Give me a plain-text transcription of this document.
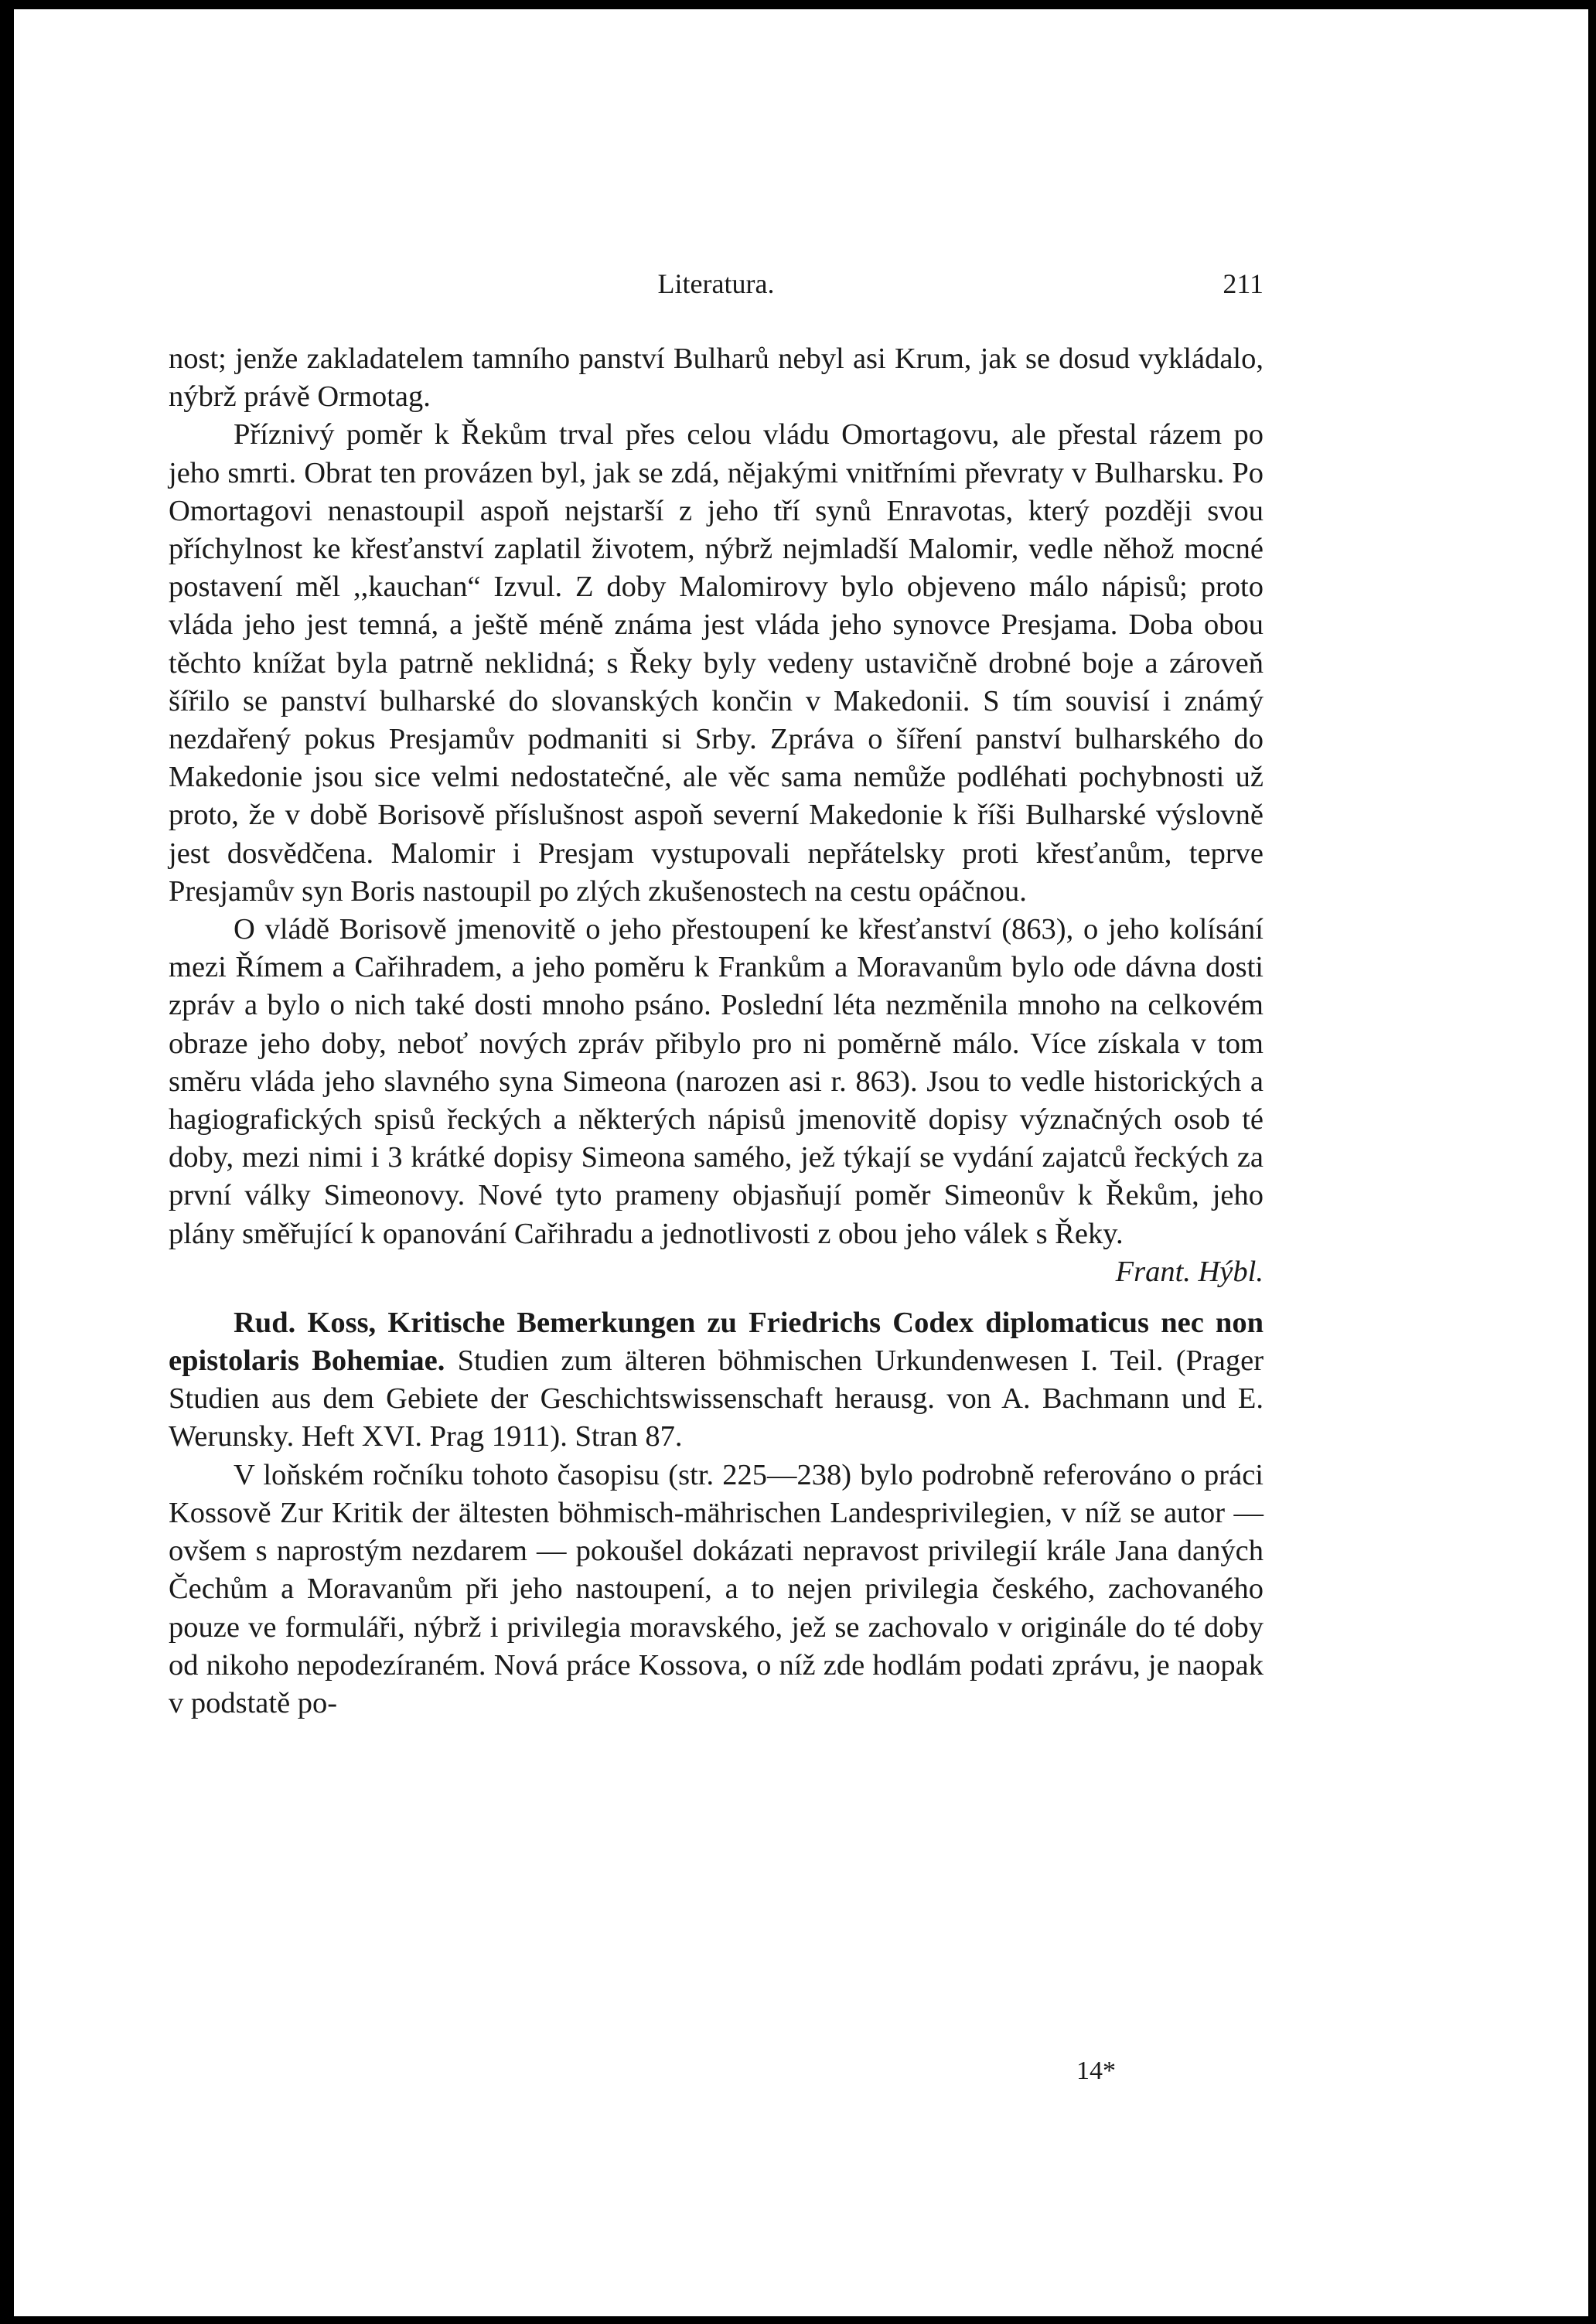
Literatura.	211

nost; jenže zakladatelem tamního panství Bulharů nebyl asi Krum, jak se dosud vykládalo, nýbrž právě Ormotag.

Příznivý poměr k Řekům trval přes celou vládu Omortagovu, ale přestal rázem po jeho smrti. Obrat ten provázen byl, jak se zdá, nějakými vnitřními převraty v Bulharsku. Po Omortagovi nenastoupil aspoň nejstarší z jeho tří synů Enravotas, který později svou příchylnost ke křesťanství zaplatil životem, nýbrž nejmladší Malomir, vedle něhož mocné postavení měl ,,kauchan“ Izvul. Z doby Malomirovy bylo objeveno málo nápisů; proto vláda jeho jest temná, a ještě méně známa jest vláda jeho synovce Presjama. Doba obou těchto knížat byla patrně neklidná; s Řeky byly vedeny ustavičně drobné boje a zároveň šířilo se panství bulharské do slovanských končin v Makedonii. S tím souvisí i známý nezdařený pokus Presjamův podmaniti si Srby. Zpráva o šíření panství bulharského do Makedonie jsou sice velmi nedostatečné, ale věc sama nemůže podléhati pochybnosti už proto, že v době Borisově příslušnost aspoň severní Makedonie k říši Bulharské výslovně jest dosvědčena. Malomir i Presjam vystupovali nepřátelsky proti křesťanům, teprve Presjamův syn Boris nastoupil po zlých zkušenostech na cestu opáčnou.

O vládě Borisově jmenovitě o jeho přestoupení ke křesťanství (863), o jeho kolísání mezi Římem a Cařihradem, a jeho poměru k Frankům a Moravanům bylo ode dávna dosti zpráv a bylo o nich také dosti mnoho psáno. Poslední léta nezměnila mnoho na celkovém obraze jeho doby, neboť nových zpráv přibylo pro ni poměrně málo. Více získala v tom směru vláda jeho slavného syna Simeona (narozen asi r. 863). Jsou to vedle historických a hagiografických spisů řeckých a některých nápisů jmenovitě dopisy význačných osob té doby, mezi nimi i 3 krátké dopisy Simeona samého, jež týkají se vydání zajatců řeckých za první války Simeonovy. Nové tyto prameny objasňují poměr Simeonův k Řekům, jeho plány směřující k opanování Cařihradu a jednotlivosti z obou jeho válek s Řeky.
Frant. Hýbl.

Rud. Koss, Kritische Bemerkungen zu Friedrichs Codex diplomaticus nec non epistolaris Bohemiae. Studien zum älteren böhmischen Urkundenwesen I. Teil. (Prager Studien aus dem Gebiete der Geschichtswissenschaft herausg. von A. Bachmann und E. Werunsky. Heft XVI. Prag 1911). Stran 87.

V loňském ročníku tohoto časopisu (str. 225—238) bylo podrobně referováno o práci Kossově Zur Kritik der ältesten böhmisch-mährischen Landesprivilegien, v níž se autor — ovšem s naprostým nezdarem — pokoušel dokázati nepravost privilegií krále Jana daných Čechům a Moravanům při jeho nastoupení, a to nejen privilegia českého, zachovaného pouze ve formuláři, nýbrž i privilegia moravského, jež se zachovalo v originále do té doby od nikoho nepodezíraném. Nová práce Kossova, o níž zde hodlám podati zprávu, je naopak v podstatě po-

14*
